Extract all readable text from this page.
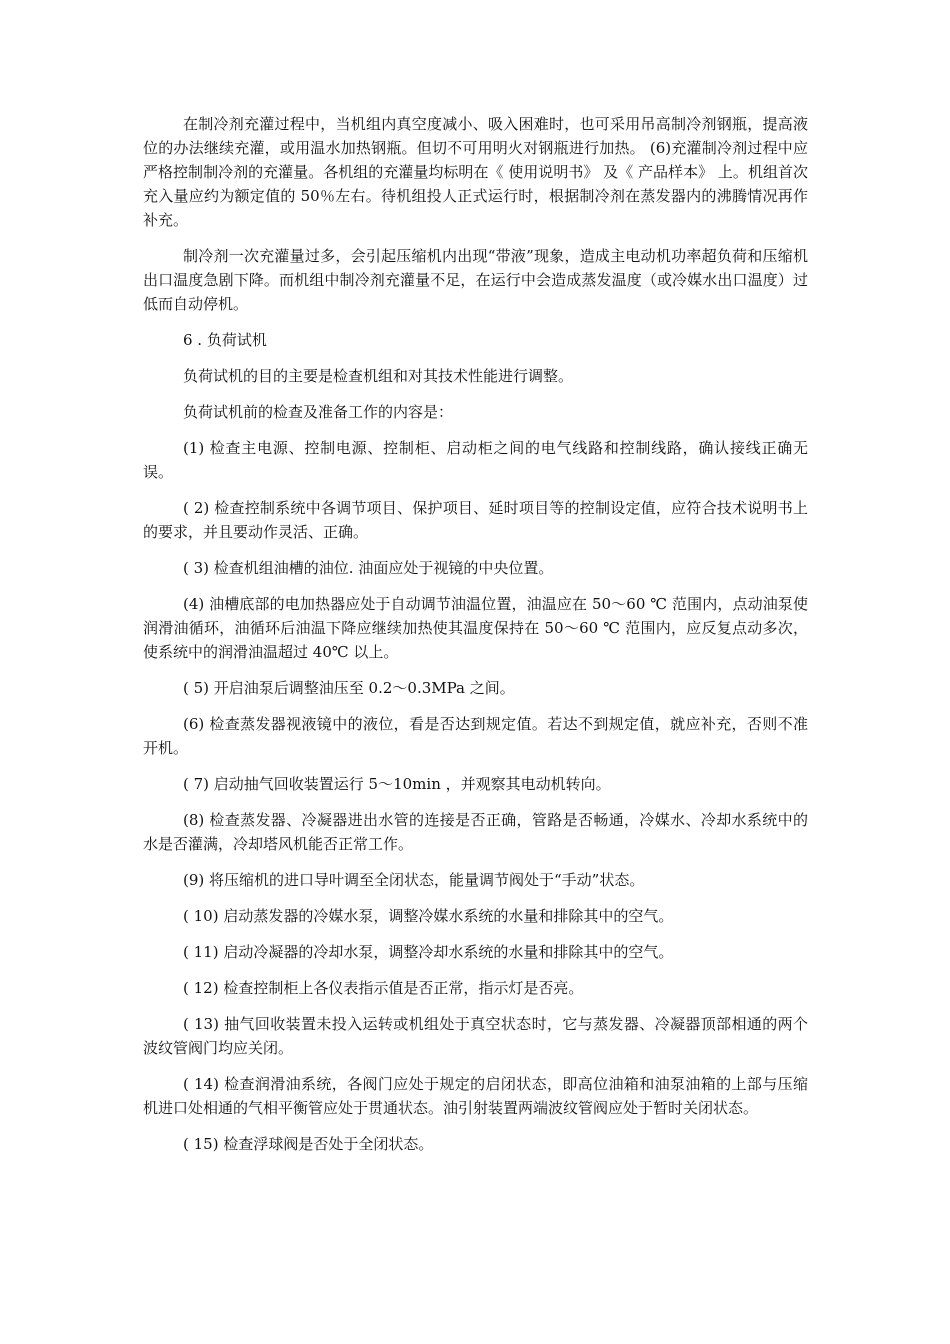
在制冷剂充灌过程中，当机组内真空度减小、吸入困难时，也可采用吊高制冷剂钢瓶，提高液位的办法继续充灌，或用温水加热钢瓶。但切不可用明火对钢瓶进行加热。 (6)充灌制冷剂过程中应严格控制制冷剂的充灌量。各机组的充灌量均标明在《 使用说明书》 及《 产品样本》 上。机组首次充入量应约为额定值的 50％左右。待机组投人正式运行时，根据制冷剂在蒸发器内的沸腾情况再作补充。

制冷剂一次充灌量过多，会引起压缩机内出现“带液”现象，造成主电动机功率超负荷和压缩机出口温度急剧下降。而机组中制冷剂充灌量不足，在运行中会造成蒸发温度（或冷媒水出口温度）过低而自动停机。

6 . 负荷试机

负荷试机的目的主要是检查机组和对其技术性能进行调整。

负荷试机前的检查及准备工作的内容是：

(1) 检查主电源、控制电源、控制柜、启动柜之间的电气线路和控制线路，确认接线正确无误。

( 2) 检查控制系统中各调节项目、保护项目、延时项目等的控制设定值，应符合技术说明书上的要求，并且要动作灵活、正确。

( 3) 检查机组油槽的油位. 油面应处于视镜的中央位置。

(4) 油槽底部的电加热器应处于自动调节油温位置，油温应在 50～60 ℃ 范围内，点动油泵使润滑油循环，油循环后油温下降应继续加热使其温度保持在 50～60 ℃ 范围内，应反复点动多次，使系统中的润滑油温超过 40℃ 以上。

( 5) 开启油泵后调整油压至 0.2～0.3MPa 之间。

(6) 检查蒸发器视液镜中的液位，看是否达到规定值。若达不到规定值，就应补充，否则不准开机。

( 7) 启动抽气回收装置运行 5～10min ，并观察其电动机转向。

(8) 检查蒸发器、冷凝器进出水管的连接是否正确，管路是否畅通，冷媒水、冷却水系统中的水是否灌满，冷却塔风机能否正常工作。

(9) 将压缩机的进口导叶调至全闭状态，能量调节阀处于“手动”状态。

( 10) 启动蒸发器的冷媒水泵，调整冷媒水系统的水量和排除其中的空气。

( 11) 启动冷凝器的冷却水泵，调整冷却水系统的水量和排除其中的空气。

( 12) 检查控制柜上各仪表指示值是否正常，指示灯是否亮。

( 13) 抽气回收装置未投入运转或机组处于真空状态时，它与蒸发器、冷凝器顶部相通的两个波纹管阀门均应关闭。

( 14) 检查润滑油系统，各阀门应处于规定的启闭状态，即高位油箱和油泵油箱的上部与压缩机进口处相通的气相平衡管应处于贯通状态。油引射装置两端波纹管阀应处于暂时关闭状态。

( 15) 检查浮球阀是否处于全闭状态。
